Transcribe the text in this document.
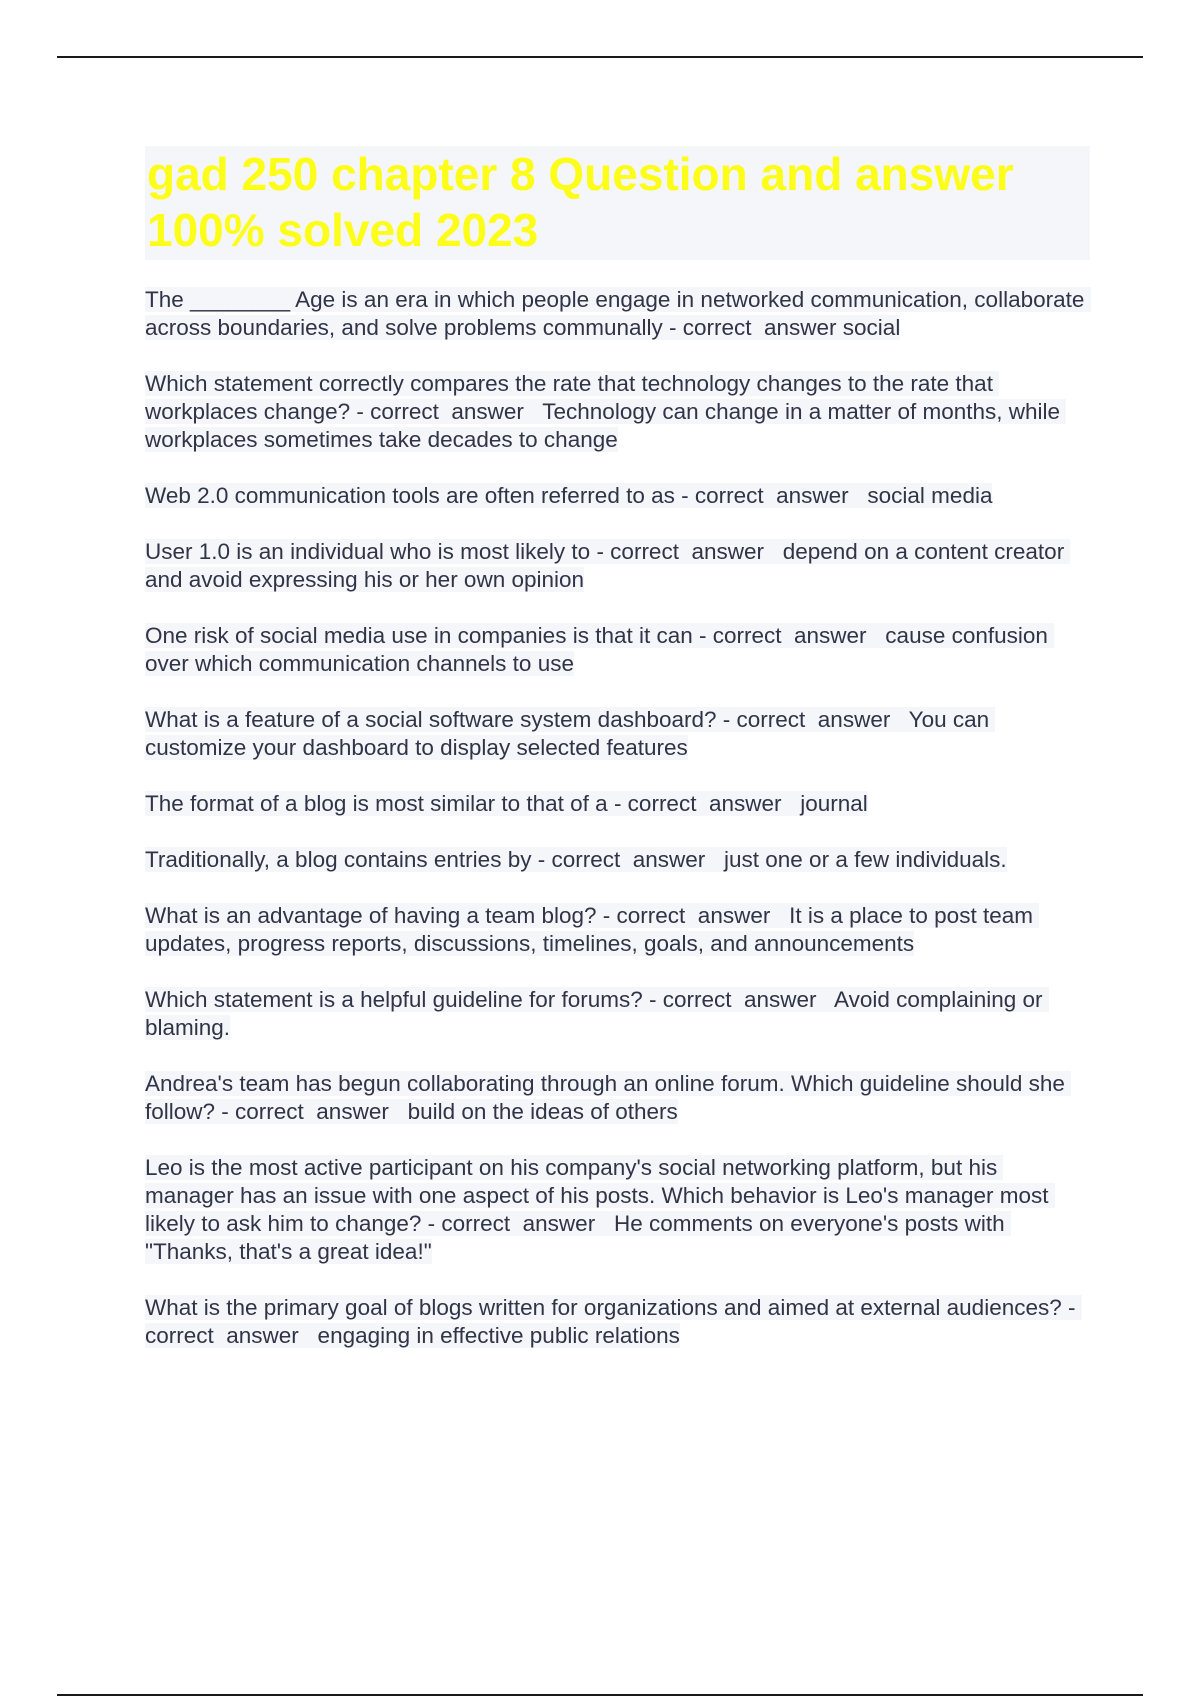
gad 250 chapter 8 Question and answer 100% solved 2023
The ________ Age is an era in which people engage in networked communication, collaborate across boundaries, and solve problems communally - correct  answer social
Which statement correctly compares the rate that technology changes to the rate that workplaces change? - correct  answer   Technology can change in a matter of months, while workplaces sometimes take decades to change
Web 2.0 communication tools are often referred to as - correct  answer   social media
User 1.0 is an individual who is most likely to - correct  answer   depend on a content creator and avoid expressing his or her own opinion
One risk of social media use in companies is that it can - correct  answer   cause confusion over which communication channels to use
What is a feature of a social software system dashboard? - correct  answer   You can customize your dashboard to display selected features
The format of a blog is most similar to that of a - correct  answer   journal
Traditionally, a blog contains entries by - correct  answer   just one or a few individuals.
What is an advantage of having a team blog? - correct  answer   It is a place to post team updates, progress reports, discussions, timelines, goals, and announcements
Which statement is a helpful guideline for forums? - correct  answer   Avoid complaining or blaming.
Andrea's team has begun collaborating through an online forum. Which guideline should she follow? - correct  answer   build on the ideas of others
Leo is the most active participant on his company's social networking platform, but his manager has an issue with one aspect of his posts. Which behavior is Leo's manager most likely to ask him to change? - correct  answer   He comments on everyone's posts with "Thanks, that's a great idea!"
What is the primary goal of blogs written for organizations and aimed at external audiences? - correct  answer   engaging in effective public relations
